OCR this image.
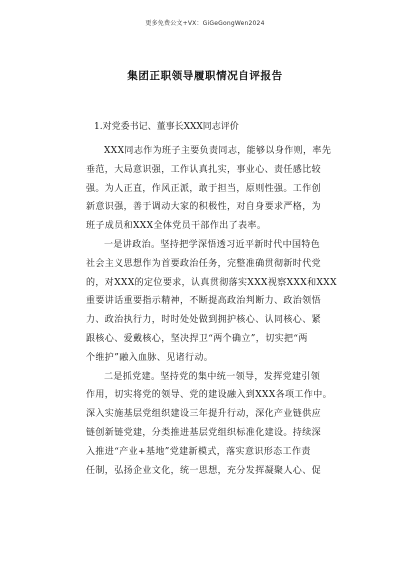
更多免费公文+VX：GiGeGongWen2024
集团正职领导履职情况自评报告
1.对党委书记、董事长XXX同志评价
XXX同志作为班子主要负责同志，能够以身作则，率先
垂范，大局意识强，工作认真扎实，事业心、责任感比较
强。为人正直，作风正派，敢于担当，原则性强。工作创
新意识强，善于调动大家的积极性，对自身要求严格，为
班子成员和XXX全体党员干部作出了表率。
一是讲政治。坚持把学深悟透习近平新时代中国特色
社会主义思想作为首要政治任务，完整准确贯彻新时代党
的，对XXX的定位要求，认真贯彻落实XXX视察XXX和XXX
重要讲话重要指示精神，不断提高政治判断力、政治领悟
力、政治执行力，时时处处做到拥护核心、认同核心、紧
跟核心、爱戴核心，坚决捍卫“两个确立”，切实把“两
个维护”融入血脉、见诸行动。
二是抓党建。坚持党的集中统一领导，发挥党建引领
作用，切实将党的领导、党的建设融入到XXX各项工作中。
深入实施基层党组织建设三年提升行动，深化产业链供应
链创新链党建，分类推进基层党组织标准化建设。持续深
入推进“产业+基地”党建新模式，落实意识形态工作责
任制，弘扬企业文化，统一思想，充分发挥凝聚人心、促
